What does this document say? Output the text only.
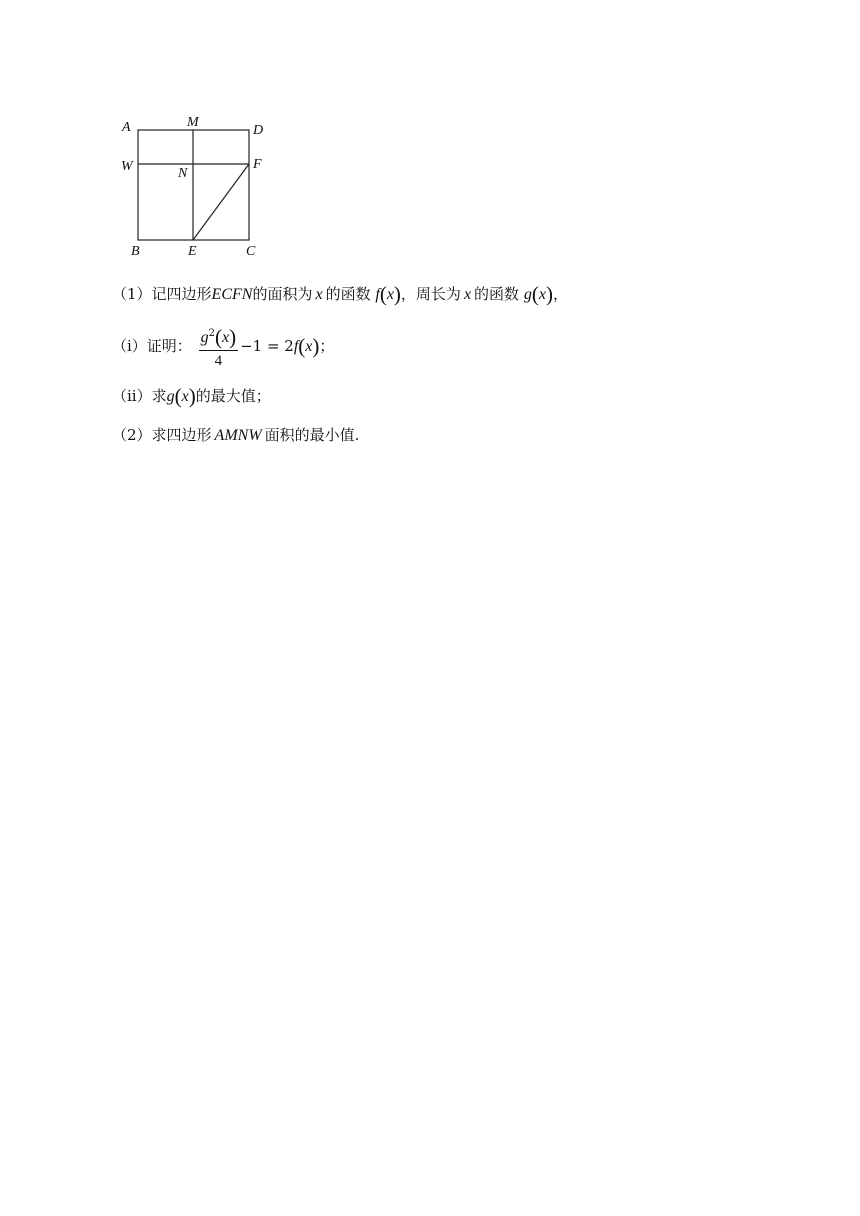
A	M
D
W	N
F
B	E	C
（1）记四边形ECFN的面积为 x 的函数 f(x)，周长为 x 的函数 g(x)，
（i）证明： $\frac{g^2(x)}{4} -1 = 2f(x)$；
（ii）求g(x)的最大值；
（2）求四边形 AMNW 面积的最小值.
